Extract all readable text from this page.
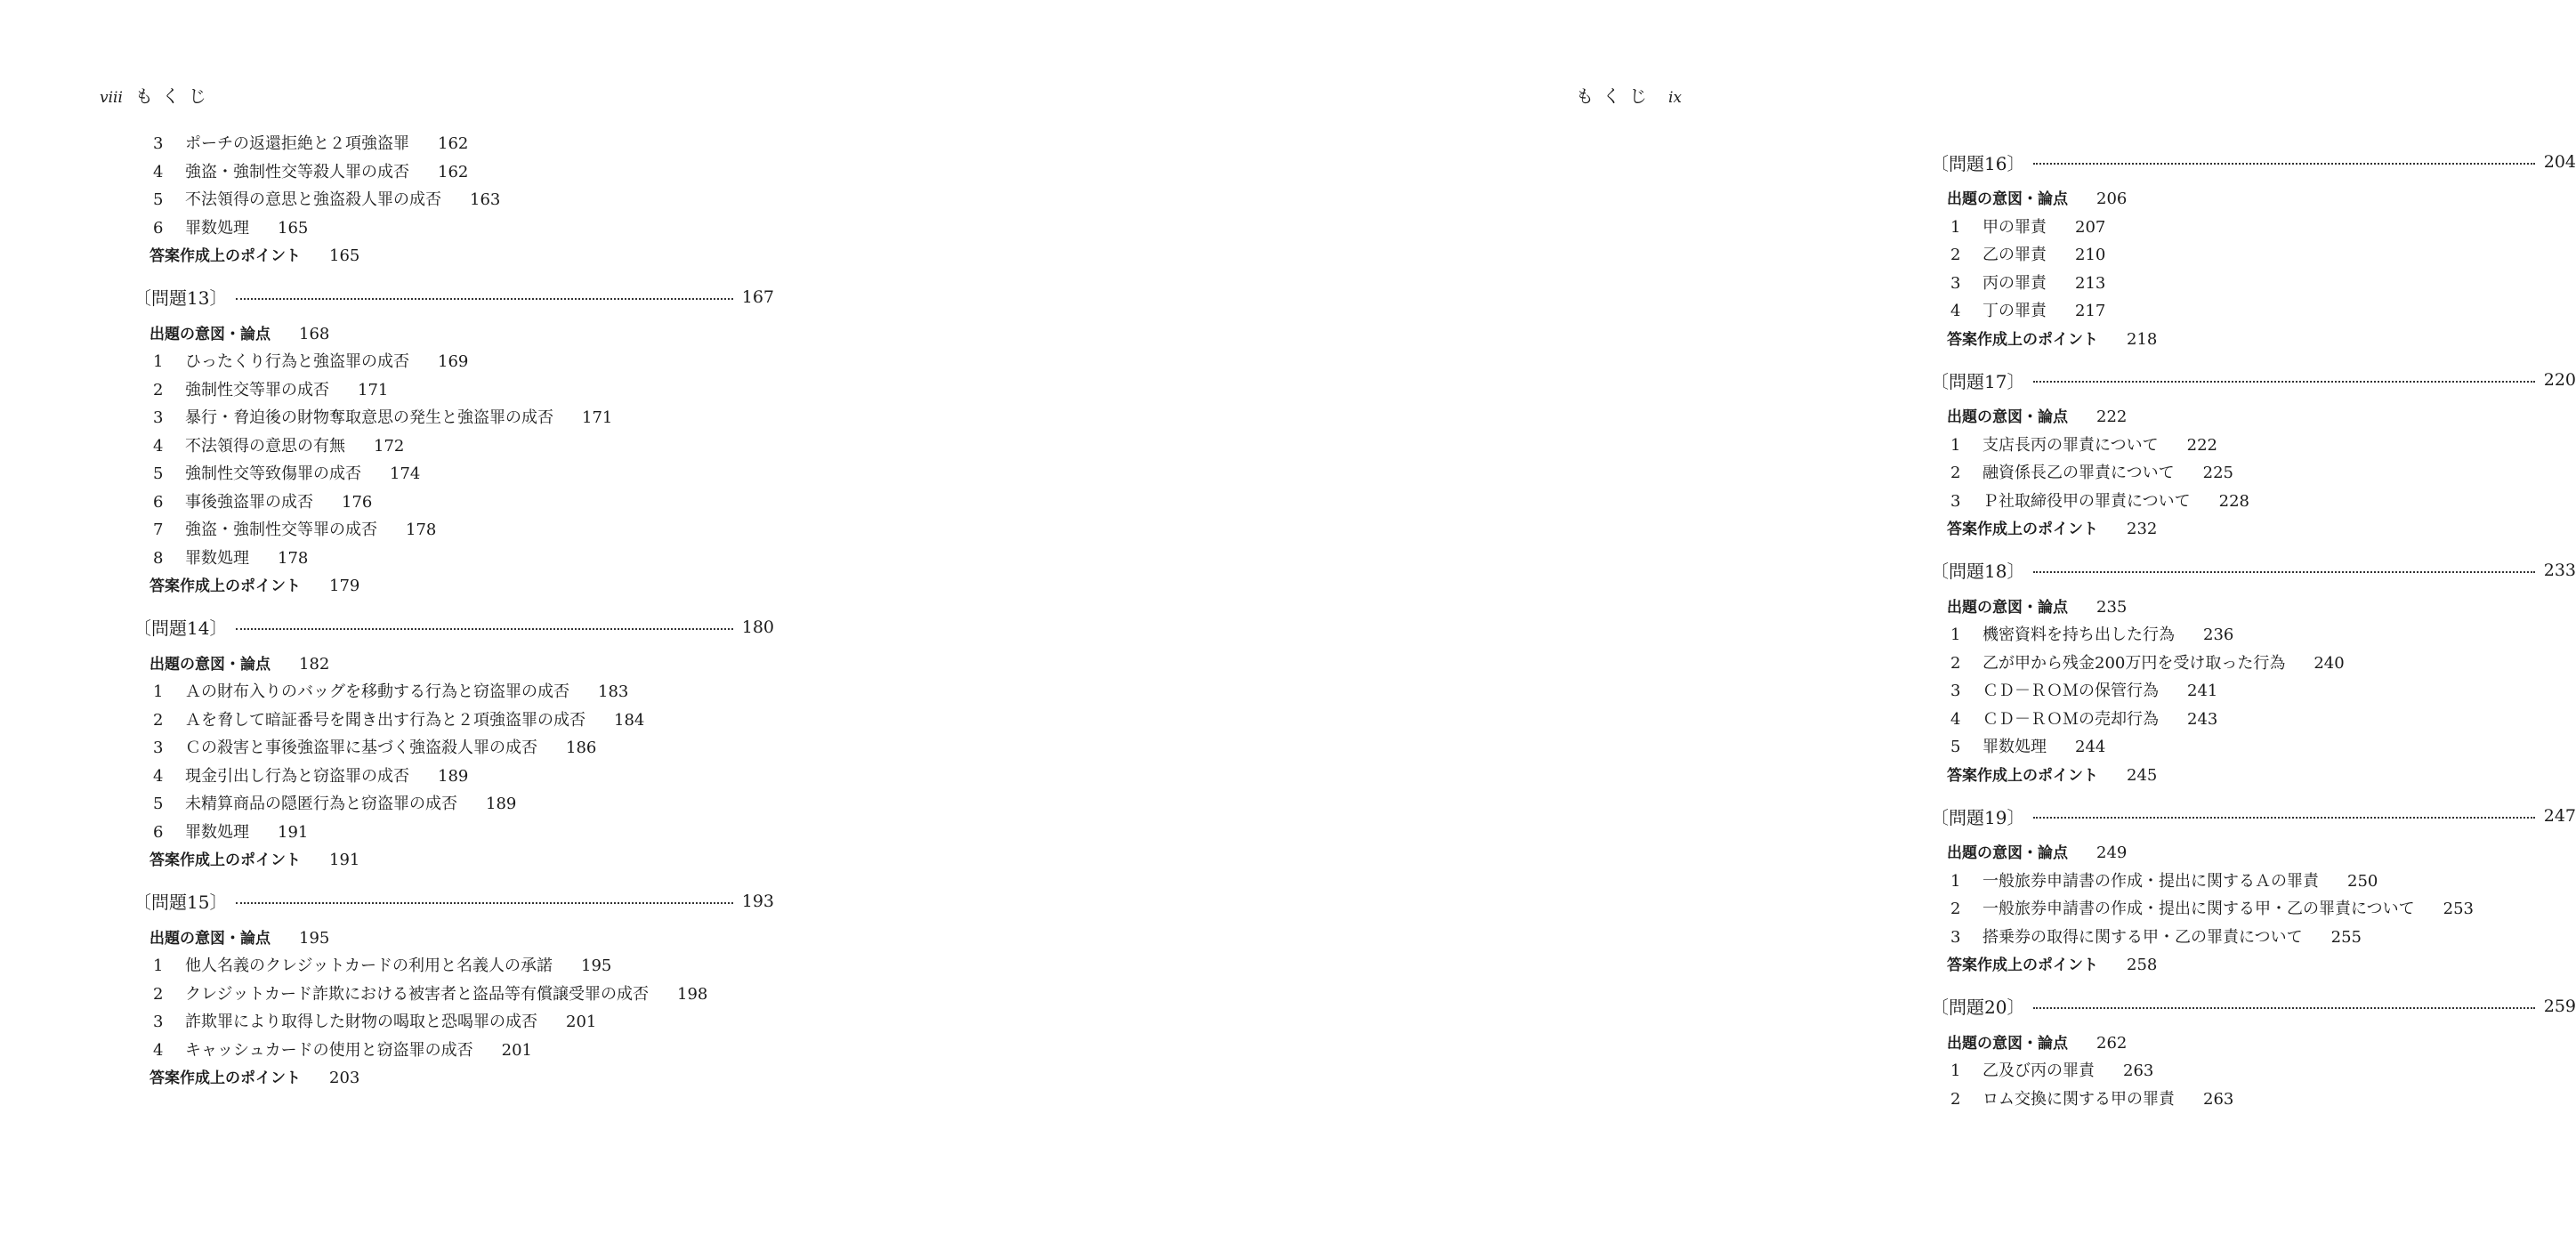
viii もくじ
3 ポーチの返還拒絶と２項強盗罪 162
4 強盗・強制性交等殺人罪の成否 162
5 不法領得の意思と強盗殺人罪の成否 163
6 罪数処理 165
答案作成上のポイント 165
〔問題13〕	167
出題の意図・論点 168
1 ひったくり行為と強盗罪の成否 169
2 強制性交等罪の成否 171
3 暴行・脅迫後の財物奪取意思の発生と強盗罪の成否 171
4 不法領得の意思の有無 172
5 強制性交等致傷罪の成否 174
6 事後強盗罪の成否 176
7 強盗・強制性交等罪の成否 178
8 罪数処理 178
答案作成上のポイント 179
〔問題14〕	180
出題の意図・論点 182
1 Ａの財布入りのバッグを移動する行為と窃盗罪の成否 183
2 Ａを脅して暗証番号を聞き出す行為と２項強盗罪の成否 184
3 Ｃの殺害と事後強盗罪に基づく強盗殺人罪の成否 186
4 現金引出し行為と窃盗罪の成否 189
5 未精算商品の隠匿行為と窃盗罪の成否 189
6 罪数処理 191
答案作成上のポイント 191
〔問題15〕	193
出題の意図・論点 195
1 他人名義のクレジットカードの利用と名義人の承諾 195
2 クレジットカード詐欺における被害者と盗品等有償譲受罪の成否 198
3 詐欺罪により取得した財物の喝取と恐喝罪の成否 201
4 キャッシュカードの使用と窃盗罪の成否 201
答案作成上のポイント 203
もくじ ix
〔問題16〕	204
出題の意図・論点 206
1 甲の罪責 207
2 乙の罪責 210
3 丙の罪責 213
4 丁の罪責 217
答案作成上のポイント 218
〔問題17〕	220
出題の意図・論点 222
1 支店長丙の罪責について 222
2 融資係長乙の罪責について 225
3 Ｐ社取締役甲の罪責について 228
答案作成上のポイント 232
〔問題18〕	233
出題の意図・論点 235
1 機密資料を持ち出した行為 236
2 乙が甲から残金200万円を受け取った行為 240
3 ＣＤ－ＲＯＭの保管行為 241
4 ＣＤ－ＲＯＭの売却行為 243
5 罪数処理 244
答案作成上のポイント 245
〔問題19〕	247
出題の意図・論点 249
1 一般旅券申請書の作成・提出に関するＡの罪責 250
2 一般旅券申請書の作成・提出に関する甲・乙の罪責について 253
3 搭乗券の取得に関する甲・乙の罪責について 255
答案作成上のポイント 258
〔問題20〕	259
出題の意図・論点 262
1 乙及び丙の罪責 263
2 ロム交換に関する甲の罪責 263
